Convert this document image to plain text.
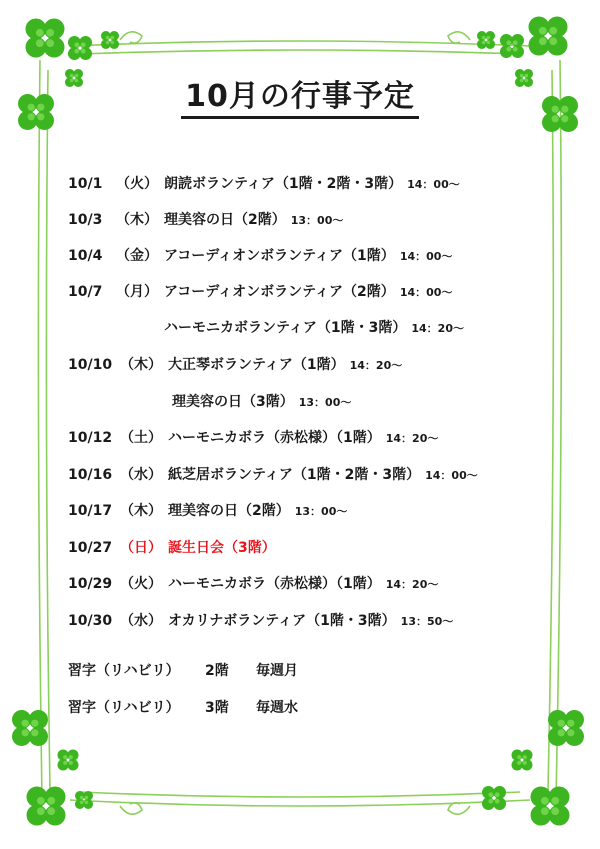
10月の行事予定
10/1 （火） 朗読ボランティア（1階・2階・3階） 14：00～
10/3 （木） 理美容の日（2階） 13：00～
10/4 （金） アコーディオンボランティア（1階） 14：00～
10/7 （月） アコーディオンボランティア（2階） 14：00～
ハーモニカボランティア（1階・3階） 14：20～
10/10 （木） 大正琴ボランティア（1階） 14：20～
理美容の日（3階） 13：00～
10/12 （土） ハーモニカボラ（赤松様）（1階） 14：20～
10/16 （水） 紙芝居ボランティア（1階・2階・3階） 14：00～
10/17 （木） 理美容の日（2階） 13：00～
10/27 （日） 誕生日会（3階）
10/29 （火） ハーモニカボラ（赤松様）（1階） 14：20～
10/30 （水） オカリナボランティア（1階・3階） 13：50～
習字（リハビリ） 2階 毎週月
習字（リハビリ） 3階 毎週水
